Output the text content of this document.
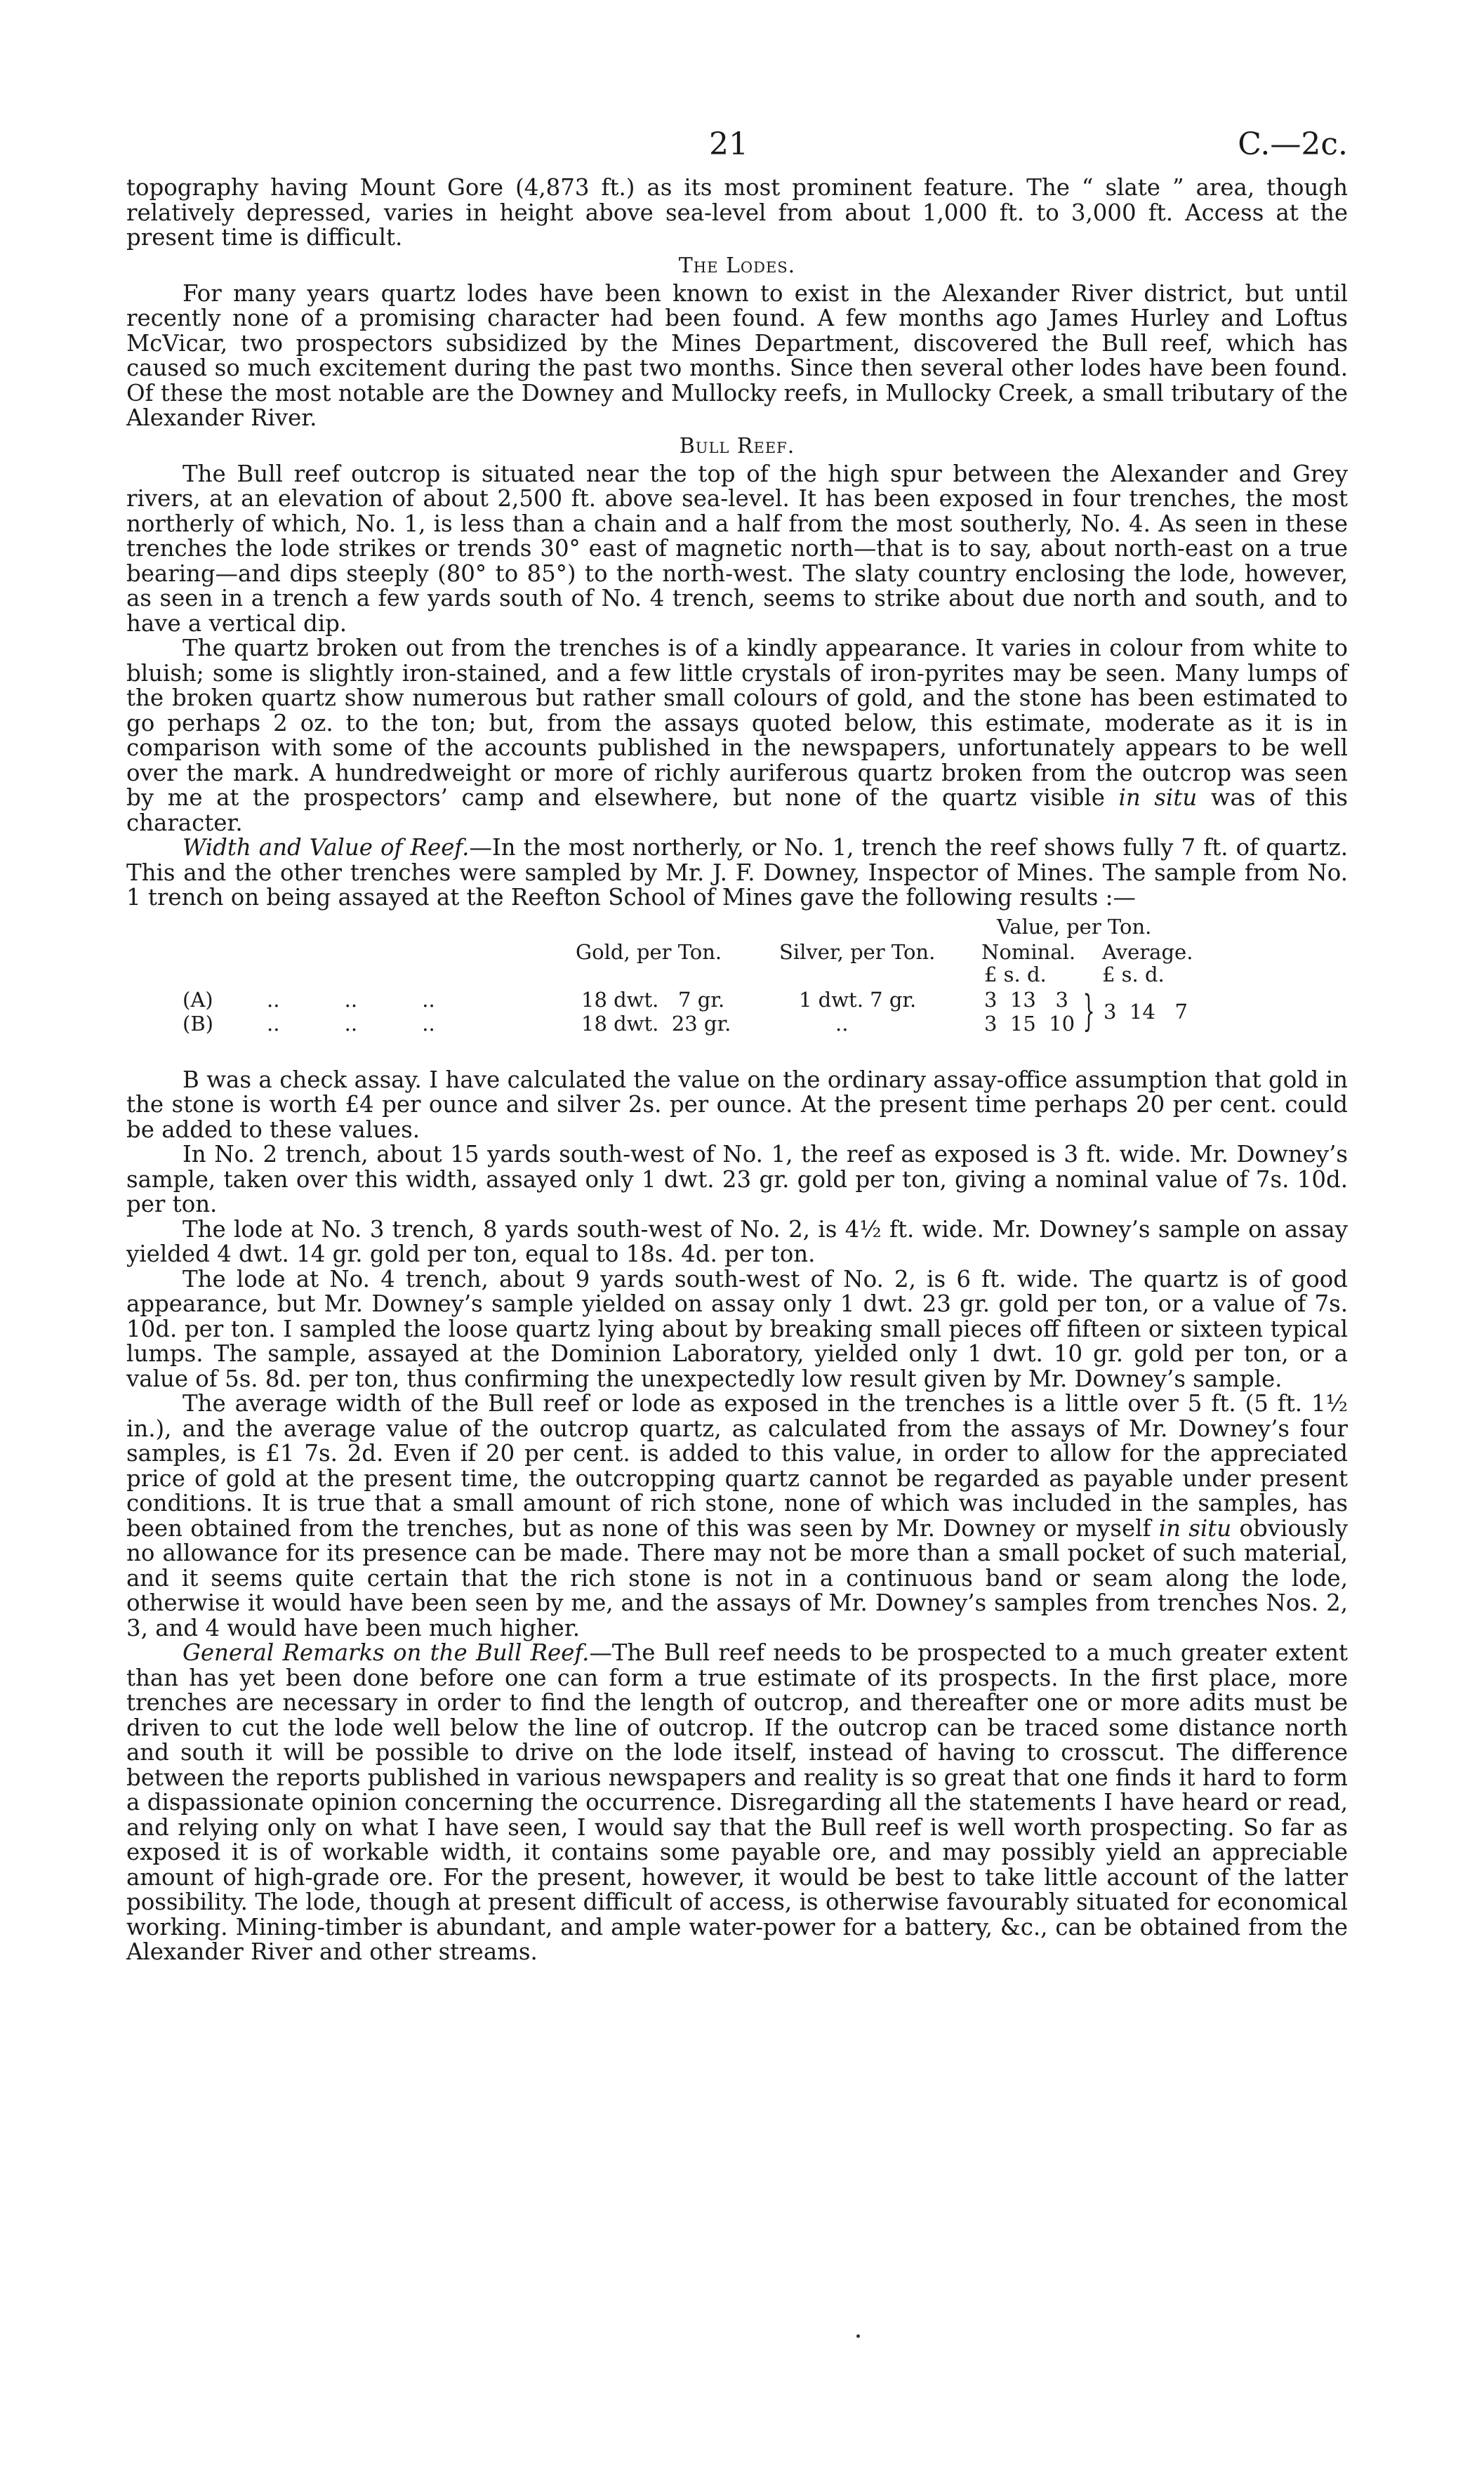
21	C.—2c.

topography having Mount Gore (4,873 ft.) as its most prominent feature. The “ slate ” area, though relatively depressed, varies in height above sea-level from about 1,000 ft. to 3,000 ft. Access at the present time is difficult.

The Lodes.

For many years quartz lodes have been known to exist in the Alexander River district, but until recently none of a promising character had been found. A few months ago James Hurley and Loftus McVicar, two prospectors subsidized by the Mines Department, discovered the Bull reef, which has caused so much excitement during the past two months. Since then several other lodes have been found. Of these the most notable are the Downey and Mullocky reefs, in Mullocky Creek, a small tributary of the Alexander River.

Bull Reef.

The Bull reef outcrop is situated near the top of the high spur between the Alexander and Grey rivers, at an elevation of about 2,500 ft. above sea-level. It has been exposed in four trenches, the most northerly of which, No. 1, is less than a chain and a half from the most southerly, No. 4. As seen in these trenches the lode strikes or trends 30° east of magnetic north—that is to say, about north-east on a true bearing—and dips steeply (80° to 85°) to the north-west. The slaty country enclosing the lode, however, as seen in a trench a few yards south of No. 4 trench, seems to strike about due north and south, and to have a vertical dip.

The quartz broken out from the trenches is of a kindly appearance. It varies in colour from white to bluish; some is slightly iron-stained, and a few little crystals of iron-pyrites may be seen. Many lumps of the broken quartz show numerous but rather small colours of gold, and the stone has been estimated to go perhaps 2 oz. to the ton; but, from the assays quoted below, this estimate, moderate as it is in comparison with some of the accounts published in the newspapers, unfortunately appears to be well over the mark. A hundredweight or more of richly auriferous quartz broken from the outcrop was seen by me at the prospectors’ camp and elsewhere, but none of the quartz visible in situ was of this character.

Width and Value of Reef.—In the most northerly, or No. 1, trench the reef shows fully 7 ft. of quartz. This and the other trenches were sampled by Mr. J. F. Downey, Inspector of Mines. The sample from No. 1 trench on being assayed at the Reefton School of Mines gave the following results :—

Value, per Ton.
Gold, per Ton.	Silver, per Ton. Nominal. Average.
£ s. d.	£ s. d.
(A)	..          ..          ..	18 dwt.   7 gr.	1 dwt. 7 gr.	3  13   3
(B)	..          ..          ..	18 dwt.  23 gr.	..	3  15  10 } 3  14   7

B was a check assay. I have calculated the value on the ordinary assay-office assumption that gold in the stone is worth £4 per ounce and silver 2s. per ounce. At the present time perhaps 20 per cent. could be added to these values.

In No. 2 trench, about 15 yards south-west of No. 1, the reef as exposed is 3 ft. wide. Mr. Downey’s sample, taken over this width, assayed only 1 dwt. 23 gr. gold per ton, giving a nominal value of 7s. 10d. per ton.

The lode at No. 3 trench, 8 yards south-west of No. 2, is 4½ ft. wide. Mr. Downey’s sample on assay yielded 4 dwt. 14 gr. gold per ton, equal to 18s. 4d. per ton.

The lode at No. 4 trench, about 9 yards south-west of No. 2, is 6 ft. wide. The quartz is of good appearance, but Mr. Downey’s sample yielded on assay only 1 dwt. 23 gr. gold per ton, or a value of 7s. 10d. per ton. I sampled the loose quartz lying about by breaking small pieces off fifteen or sixteen typical lumps. The sample, assayed at the Dominion Laboratory, yielded only 1 dwt. 10 gr. gold per ton, or a value of 5s. 8d. per ton, thus confirming the unexpectedly low result given by Mr. Downey’s sample.

The average width of the Bull reef or lode as exposed in the trenches is a little over 5 ft. (5 ft. 1½ in.), and the average value of the outcrop quartz, as calculated from the assays of Mr. Downey’s four samples, is £1 7s. 2d. Even if 20 per cent. is added to this value, in order to allow for the appreciated price of gold at the present time, the outcropping quartz cannot be regarded as payable under present conditions. It is true that a small amount of rich stone, none of which was included in the samples, has been obtained from the trenches, but as none of this was seen by Mr. Downey or myself in situ obviously no allowance for its presence can be made. There may not be more than a small pocket of such material, and it seems quite certain that the rich stone is not in a continuous band or seam along the lode, otherwise it would have been seen by me, and the assays of Mr. Downey’s samples from trenches Nos. 2, 3, and 4 would have been much higher.

General Remarks on the Bull Reef.—The Bull reef needs to be prospected to a much greater extent than has yet been done before one can form a true estimate of its prospects. In the first place, more trenches are necessary in order to find the length of outcrop, and thereafter one or more adits must be driven to cut the lode well below the line of outcrop. If the outcrop can be traced some distance north and south it will be possible to drive on the lode itself, instead of having to crosscut. The difference between the reports published in various newspapers and reality is so great that one finds it hard to form a dispassionate opinion concerning the occurrence. Disregarding all the statements I have heard or read, and relying only on what I have seen, I would say that the Bull reef is well worth prospecting. So far as exposed it is of workable width, it contains some payable ore, and may possibly yield an appreciable amount of high-grade ore. For the present, however, it would be best to take little account of the latter possibility. The lode, though at present difficult of access, is otherwise favourably situated for economical working. Mining-timber is abundant, and ample water-power for a battery, &c., can be obtained from the Alexander River and other streams.
